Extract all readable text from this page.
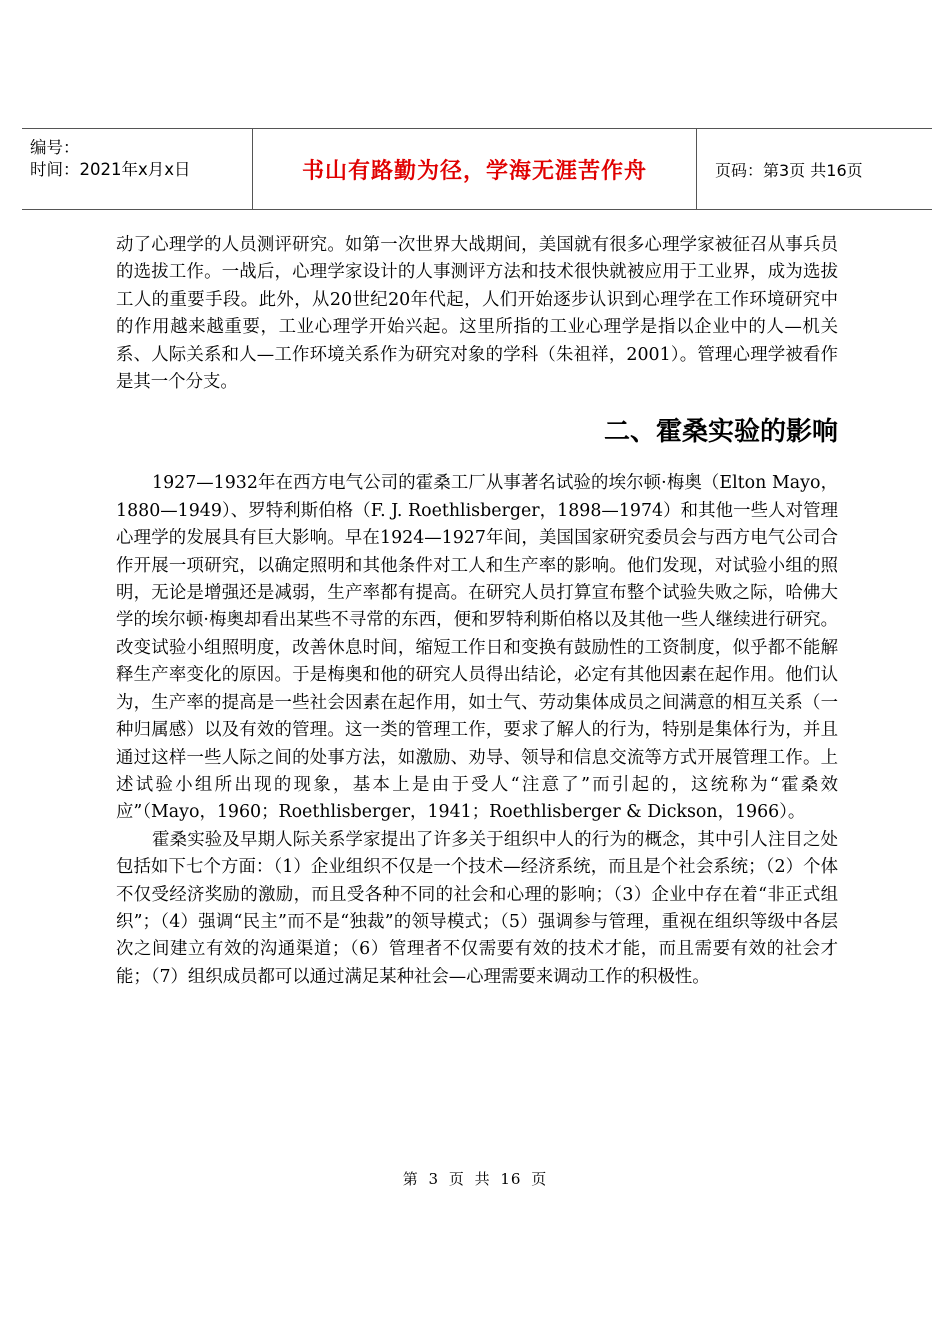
编号：
时间：2021年x月x日	书山有路勤为径，学海无涯苦作舟	页码：第3页 共16页

动了心理学的人员测评研究。如第一次世界大战期间，美国就有很多心理学家被征召从事兵员的选拔工作。一战后，心理学家设计的人事测评方法和技术很快就被应用于工业界，成为选拔工人的重要手段。此外，从20世纪20年代起，人们开始逐步认识到心理学在工作环境研究中的作用越来越重要，工业心理学开始兴起。这里所指的工业心理学是指以企业中的人—机关系、人际关系和人—工作环境关系作为研究对象的学科（朱祖祥，2001）。管理心理学被看作是其一个分支。

二、霍桑实验的影响

1927—1932年在西方电气公司的霍桑工厂从事著名试验的埃尔顿·梅奥（Elton Mayo，1880—1949）、罗特利斯伯格（F. J. Roethlisberger，1898—1974）和其他一些人对管理心理学的发展具有巨大影响。早在1924—1927年间，美国国家研究委员会与西方电气公司合作开展一项研究，以确定照明和其他条件对工人和生产率的影响。他们发现，对试验小组的照明，无论是增强还是减弱，生产率都有提高。在研究人员打算宣布整个试验失败之际，哈佛大学的埃尔顿·梅奥却看出某些不寻常的东西，便和罗特利斯伯格以及其他一些人继续进行研究。改变试验小组照明度，改善休息时间，缩短工作日和变换有鼓励性的工资制度，似乎都不能解释生产率变化的原因。于是梅奥和他的研究人员得出结论，必定有其他因素在起作用。他们认为，生产率的提高是一些社会因素在起作用，如士气、劳动集体成员之间满意的相互关系（一种归属感）以及有效的管理。这一类的管理工作，要求了解人的行为，特别是集体行为，并且通过这样一些人际之间的处事方法，如激励、劝导、领导和信息交流等方式开展管理工作。上述试验小组所出现的现象，基本上是由于受人“注意了”而引起的，这统称为“霍桑效应”（Mayo，1960；Roethlisberger，1941；Roethlisberger & Dickson，1966）。

霍桑实验及早期人际关系学家提出了许多关于组织中人的行为的概念，其中引人注目之处包括如下七个方面：（1）企业组织不仅是一个技术—经济系统，而且是个社会系统；（2）个体不仅受经济奖励的激励，而且受各种不同的社会和心理的影响；（3）企业中存在着“非正式组织”；（4）强调“民主”而不是“独裁”的领导模式；（5）强调参与管理，重视在组织等级中各层次之间建立有效的沟通渠道；（6）管理者不仅需要有效的技术才能，而且需要有效的社会才能；（7）组织成员都可以通过满足某种社会—心理需要来调动工作的积极性。

第 3 页 共 16 页
